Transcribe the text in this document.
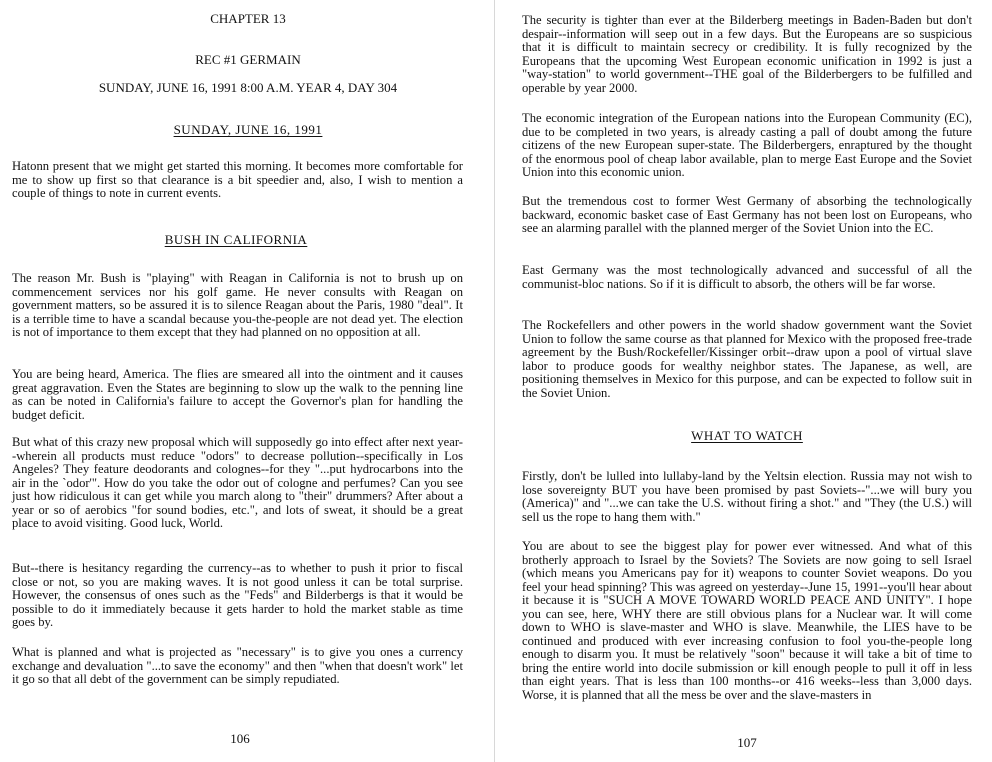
CHAPTER 13
REC #1 GERMAIN
SUNDAY, JUNE 16, 1991 8:00 A.M. YEAR 4, DAY 304
SUNDAY, JUNE 16, 1991

Hatonn present that we might get started this morning. It becomes more comfortable for me to show up first so that clearance is a bit speedier and, also, I wish to mention a couple of things to note in current events.

BUSH IN CALIFORNIA

The reason Mr. Bush is "playing" with Reagan in California is not to brush up on commencement services nor his golf game. He never consults with Reagan on government matters, so be assured it is to silence Reagan about the Paris, 1980 "deal". It is a terrible time to have a scandal because you-the-people are not dead yet. The election is not of importance to them except that they had planned on no opposition at all.

You are being heard, America. The flies are smeared all into the ointment and it causes great aggravation. Even the States are beginning to slow up the walk to the penning line as can be noted in California's failure to accept the Governor's plan for handling the budget deficit.

But what of this crazy new proposal which will supposedly go into effect after next year--wherein all products must reduce "odors" to decrease pollution--specifically in Los Angeles? They feature deodorants and colognes--for they "...put hydrocarbons into the air in the `odor'". How do you take the odor out of cologne and perfumes? Can you see just how ridiculous it can get while you march along to "their" drummers? After about a year or so of aerobics "for sound bodies, etc.", and lots of sweat, it should be a great place to avoid visiting. Good luck, World.

But--there is hesitancy regarding the currency--as to whether to push it prior to fiscal close or not, so you are making waves. It is not good unless it can be total surprise. However, the consensus of ones such as the "Feds" and Bilderbergs is that it would be possible to do it immediately because it gets harder to hold the market stable as time goes by.

What is planned and what is projected as "necessary" is to give you ones a currency exchange and devaluation "...to save the economy" and then "when that doesn't work" let it go so that all debt of the government can be simply repudiated.

106

The security is tighter than ever at the Bilderberg meetings in Baden-Baden but don't despair--information will seep out in a few days. But the Europeans are so suspicious that it is difficult to maintain secrecy or credibility. It is fully recognized by the Europeans that the upcoming West European economic unification in 1992 is just a "way-station" to world government--THE goal of the Bilderbergers to be fulfilled and operable by year 2000.

The economic integration of the European nations into the European Community (EC), due to be completed in two years, is already casting a pall of doubt among the future citizens of the new European super-state. The Bilderbergers, enraptured by the thought of the enormous pool of cheap labor available, plan to merge East Europe and the Soviet Union into this economic union.

But the tremendous cost to former West Germany of absorbing the technologically backward, economic basket case of East Germany has not been lost on Europeans, who see an alarming parallel with the planned merger of the Soviet Union into the EC.

East Germany was the most technologically advanced and successful of all the communist-bloc nations. So if it is difficult to absorb, the others will be far worse.

The Rockefellers and other powers in the world shadow government want the Soviet Union to follow the same course as that planned for Mexico with the proposed free-trade agreement by the Bush/Rockefeller/Kissinger orbit--draw upon a pool of virtual slave labor to produce goods for wealthy neighbor states. The Japanese, as well, are positioning themselves in Mexico for this purpose, and can be expected to follow suit in the Soviet Union.

WHAT TO WATCH

Firstly, don't be lulled into lullaby-land by the Yeltsin election. Russia may not wish to lose sovereignty BUT you have been promised by past Soviets--"...we will bury you (America)" and "...we can take the U.S. without firing a shot." and "They (the U.S.) will sell us the rope to hang them with."

You are about to see the biggest play for power ever witnessed. And what of this brotherly approach to Israel by the Soviets? The Soviets are now going to sell Israel (which means you Americans pay for it) weapons to counter Soviet weapons. Do you feel your head spinning? This was agreed on yesterday--June 15, 1991--you'll hear about it because it is "SUCH A MOVE TOWARD WORLD PEACE AND UNITY". I hope you can see, here, WHY there are still obvious plans for a Nuclear war. It will come down to WHO is slave-master and WHO is slave. Meanwhile, the LIES have to be continued and produced with ever increasing confusion to fool you-the-people long enough to disarm you. It must be relatively "soon" because it will take a bit of time to bring the entire world into docile submission or kill enough people to pull it off in less than eight years. That is less than 100 months--or 416 weeks--less than 3,000 days. Worse, it is planned that all the mess be over and the slave-masters in

107
